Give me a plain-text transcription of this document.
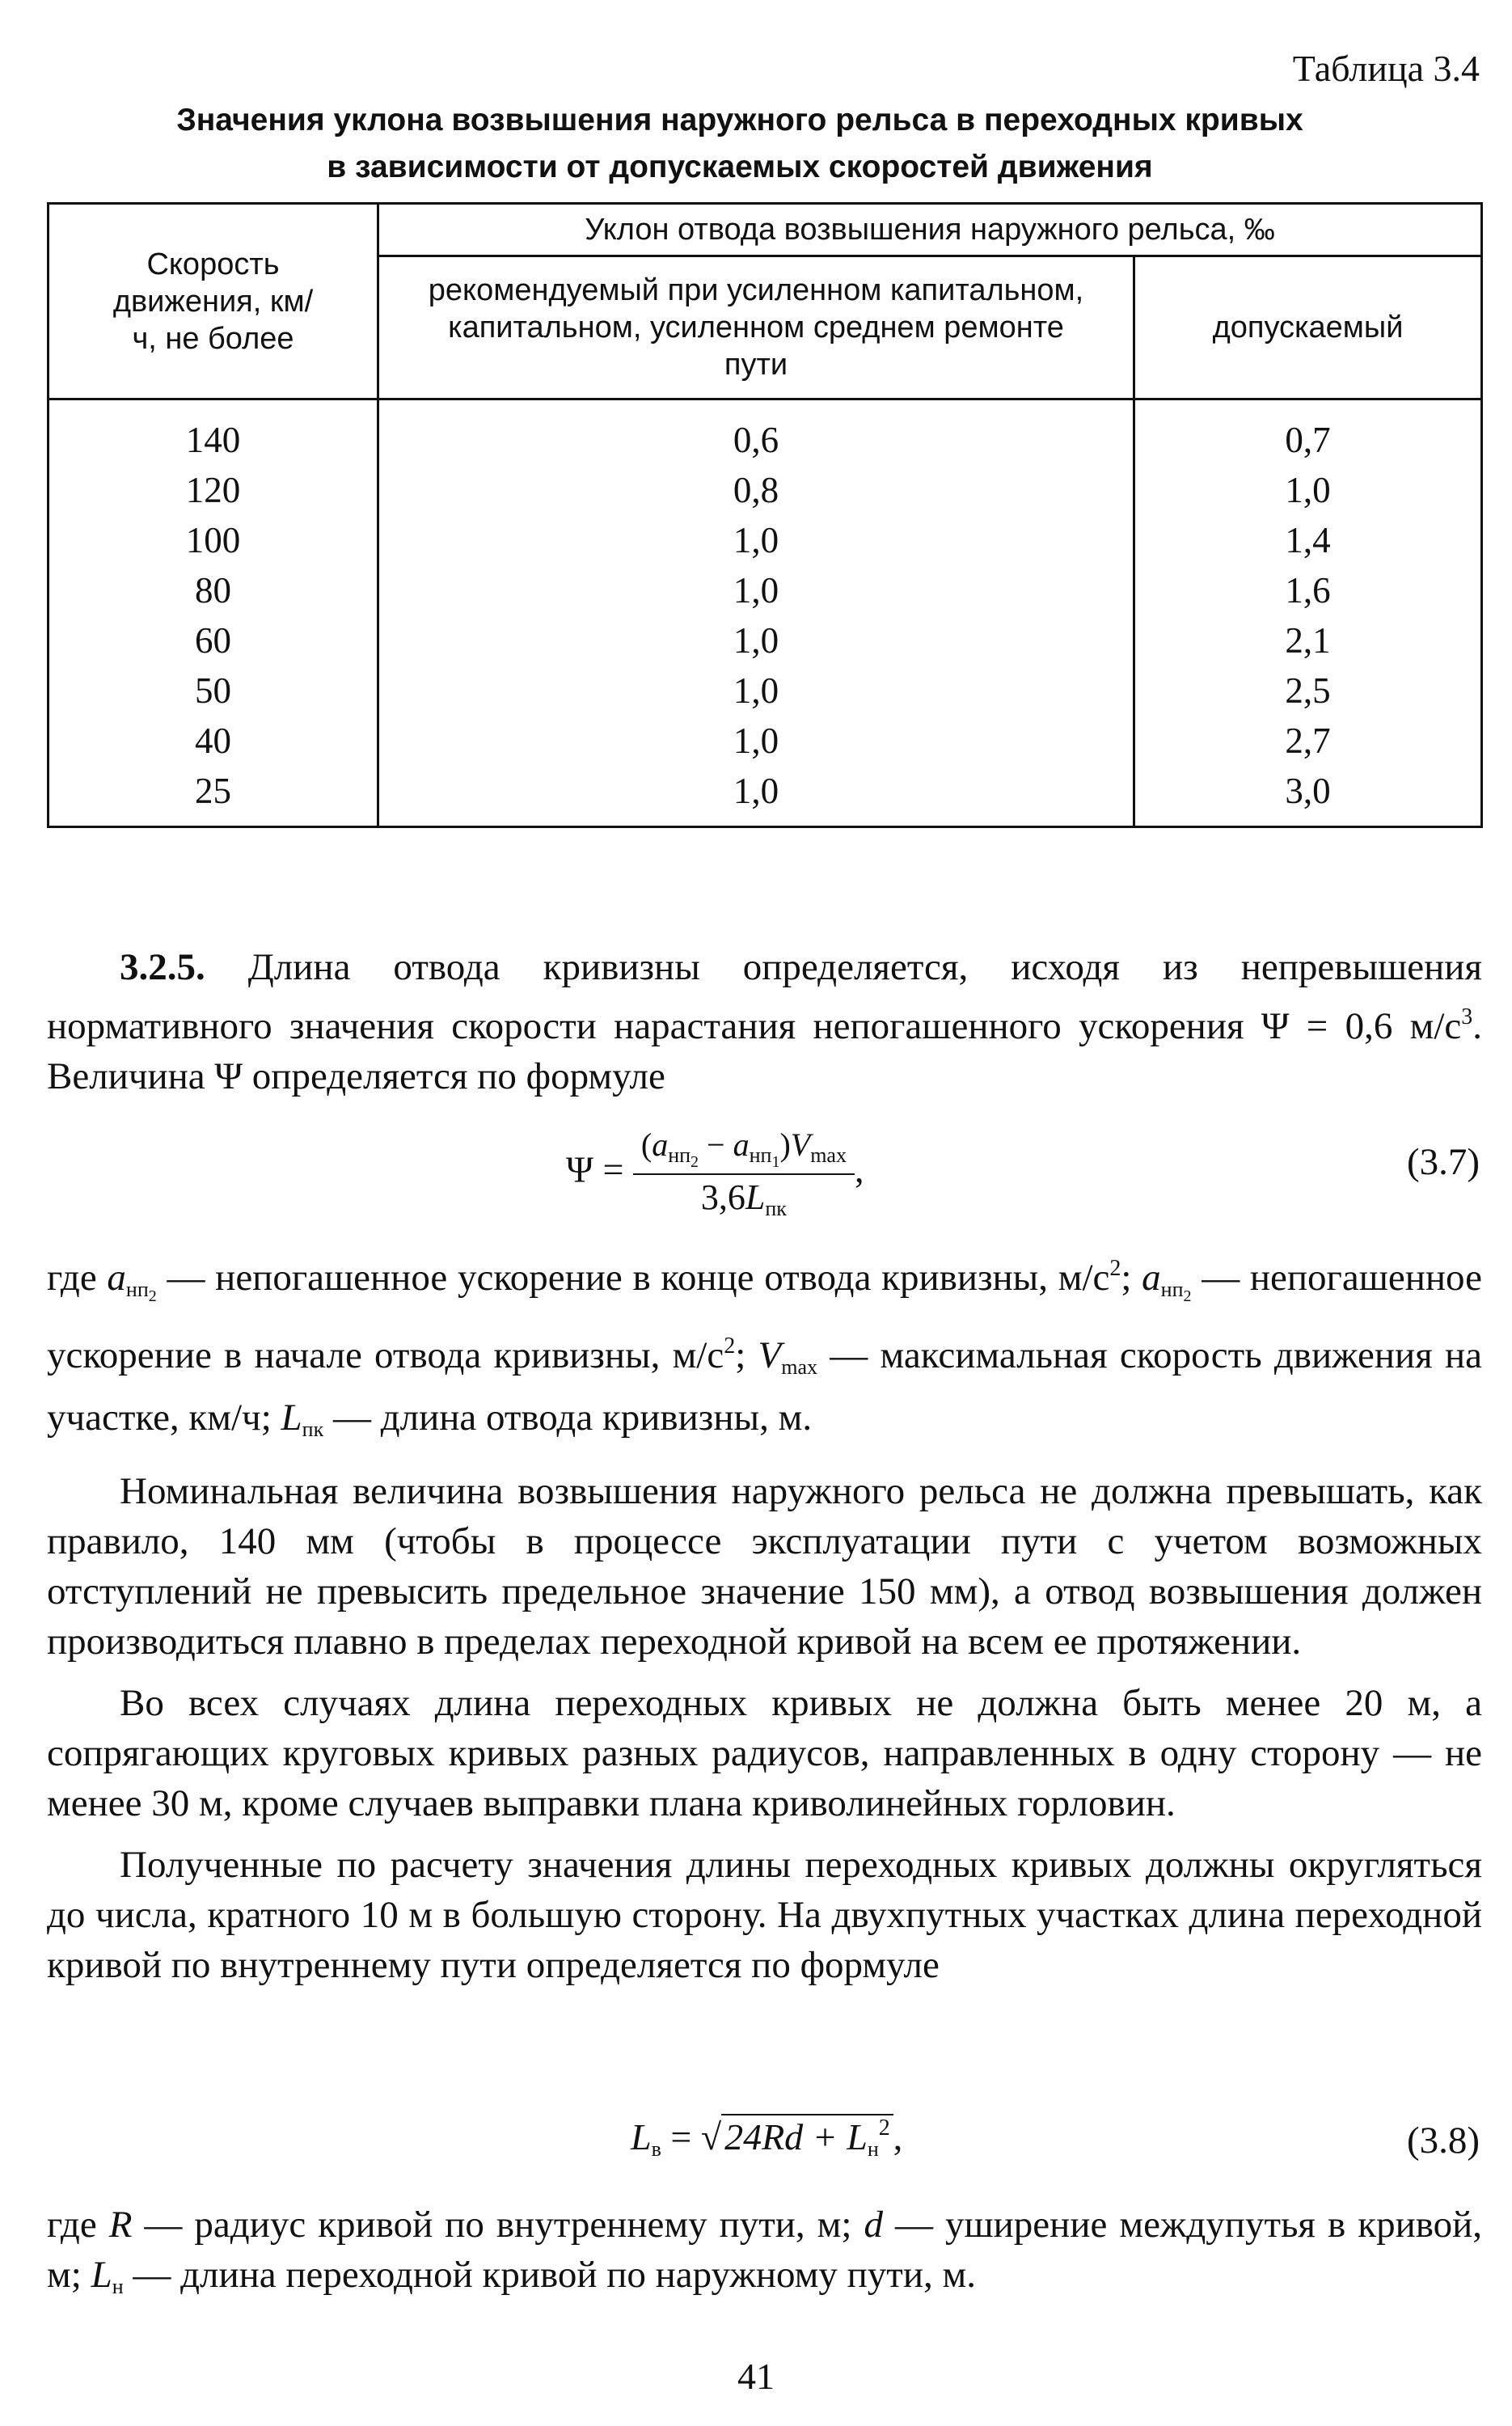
Таблица 3.4
Значения уклона возвышения наружного рельса в переходных кривых
в зависимости от допускаемых скоростей движения
Скорость движения, км/ч, не более	Уклон отвода возвышения наружного рельса, ‰	
	рекомендуемый при усиленном капитальном, капитальном, усиленном среднем ремонте пути	допускаемый
140	0,6	0,7
120	0,8	1,0
100	1,0	1,4
80	1,0	1,6
60	1,0	2,1
50	1,0	2,5
40	1,0	2,7
25	1,0	3,0

3.2.5. Длина отвода кривизны определяется, исходя из непревышения нормативного значения скорости нарастания непогашенного ускорения Ψ = 0,6 $м/с^3$. Величина Ψ определяется по формуле

$\Psi = \frac{(a_{нп_2} - a_{нп_1})V_{max}}{3,6L_{пк}}$ ,	(3.7)

где $a_{нп_2}$ — непогашенное ускорение в конце отвода кривизны, $м/с^2$; $a_{нп_2}$ — непогашенное ускорение в начале отвода кривизны, $м/с^2$; $V_{max}$ — максимальная скорость движения на участке, км/ч; $L_{пк}$ — длина отвода кривизны, м.

Номинальная величина возвышения наружного рельса не должна превышать, как правило, 140 мм (чтобы в процессе эксплуатации пути с учетом возможных отступлений не превысить предельное значение 150 мм), а отвод возвышения должен производиться плавно в пределах переходной кривой на всем ее протяжении.

Во всех случаях длина переходных кривых не должна быть менее 20 м, а сопрягающих круговых кривых разных радиусов, направленных в одну сторону — не менее 30 м, кроме случаев выправки плана криволинейных горловин.

Полученные по расчету значения длины переходных кривых должны округляться до числа, кратного 10 м в большую сторону. На двухпутных участках длина переходной кривой по внутреннему пути определяется по формуле

$L_в = √24Rd + L_н^2$,	(3.8)

где R — радиус кривой по внутреннему пути, м; d — уширение междупутья в кривой, м; $L_н$ — длина переходной кривой по наружному пути, м.

41
